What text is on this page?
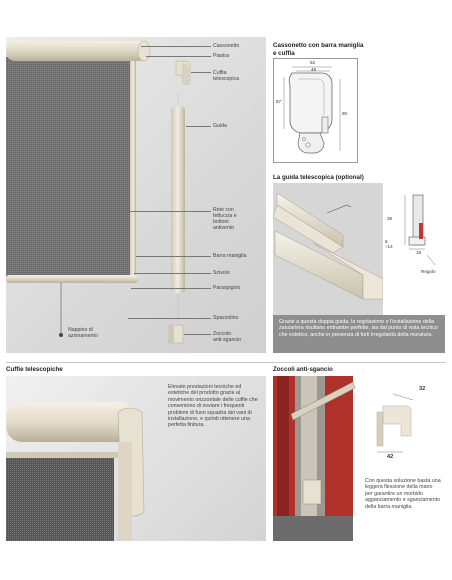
Cassonetto
Piastra
Cuffia
telescopica
Guida
Rete con
fettuccia e
bottoni
antivento
Barra maniglia
Scivolo
Paraspigolo
Spazzolino
Zoccolo
anti-sgancio
Nappino di
azionamento
Cassonetto con barra maniglia
e cuffia
52
48
57
80
La guida telescopica (optional)
38
6
÷14
15
Regolo

Grazie a questa doppia guida, la regolazione e l'installazione della zanzariera risultano entrambe perfette, sia dal punto di vista tecnico che estetico, anche in presenza di forti irregolarità della muratura.

Cuffie telescopiche

Elevate prestazioni tecniche ed estetiche del prodotto grazie al movimento orizzontale delle cuffie che consentono di ovviare i frequenti problemi di fuori squadra dei vani di installazione, e quindi ottenere una perfetta finitura.

Zoccoli anti-sgancio
32
42

Con questa soluzione basta una leggera flessione della mano per garantire un morbido agganciamento e sganciamento della barra maniglia.
